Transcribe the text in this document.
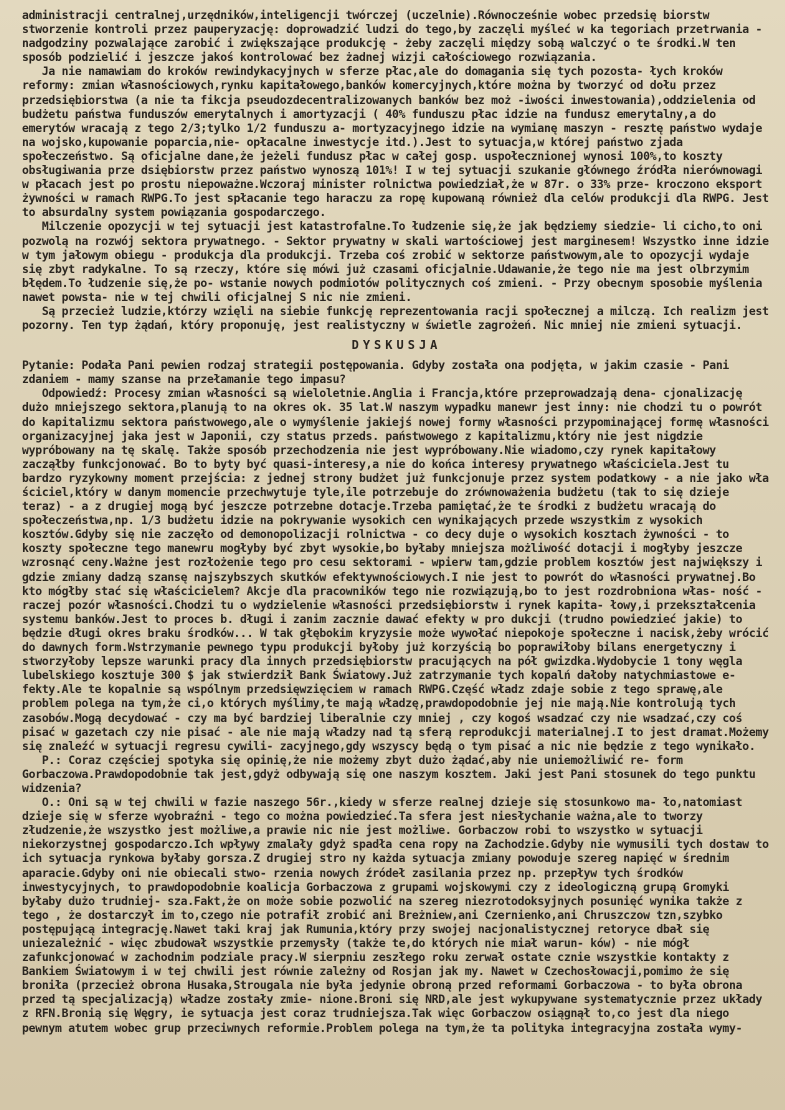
administracji centralnej,urzędników,inteligencji twórczej (uczelnie).Równocześnie wobec przedsię biorstw stworzenie kontroli przez pauperyzację: doprowadzić ludzi do tego,by zaczęli myśleć w ka tegoriach przetrwania - nadgodziny pozwalające zarobić i zwiększające produkcję - żeby zaczęli między sobą walczyć o te środki.W ten sposób podzielić i jeszcze jakoś kontrolować bez żadnej wizji całościowego rozwiązania.

Ja nie namawiam do kroków rewindykacyjnych w sferze płac,ale do domagania się tych pozosta- łych kroków reformy: zmian własnościowych,rynku kapitałowego,banków komercyjnych,które można by tworzyć od dołu przez przedsiębiorstwa (a nie ta fikcja pseudozdecentralizowanych banków bez moż -iwości inwestowania),oddzielenia od budżetu państwa funduszów emerytalnych i amortyzacji ( 40% funduszu płac idzie na fundusz emerytalny,a do emerytów wracają z tego 2/3;tylko 1/2 funduszu a- mortyzacyjnego idzie na wymianę maszyn - resztę państwo wydaje na wojsko,kupowanie poparcia,nie- opłacalne inwestycje itd.).Jest to sytuacja,w której państwo zjada społeczeństwo. Są oficjalne dane,że jeżeli fundusz płac w całej gosp. uspołecznionej wynosi 100%,to koszty obsługiwania prze dsiębiorstw przez państwo wynoszą 101%! I w tej sytuacji szukanie głównego źródła nierównowagi w płacach jest po prostu niepoważne.Wczoraj minister rolnictwa powiedział,że w 87r. o 33% prze- kroczono eksport żywności w ramach RWPG.To jest spłacanie tego haraczu za ropę kupowaną również dla celów produkcji dla RWPG. Jest to absurdalny system powiązania gospodarczego.

Milczenie opozycji w tej sytuacji jest katastrofalne.To łudzenie się,że jak będziemy siedzie- li cicho,to oni pozwolą na rozwój sektora prywatnego. - Sektor prywatny w skali wartościowej jest marginesem! Wszystko inne idzie w tym jałowym obiegu - produkcja dla produkcji. Trzeba coś zrobić w sektorze państwowym,ale to opozycji wydaje się zbyt radykalne. To są rzeczy, które się mówi już czasami oficjalnie.Udawanie,że tego nie ma jest olbrzymim błędem.To łudzenie się,że po- wstanie nowych podmiotów politycznych coś zmieni. - Przy obecnym sposobie myślenia nawet powsta- nie w tej chwili oficjalnej S nic nie zmieni.

Są przecież ludzie,którzy wzięli na siebie funkcję reprezentowania racji społecznej a milczą. Ich realizm jest pozorny. Ten typ żądań, który proponuję, jest realistyczny w świetle zagrożeń. Nic mniej nie zmieni sytuacji.

DYSKUSJA

Pytanie: Podała Pani pewien rodzaj strategii postępowania. Gdyby została ona podjęta, w jakim czasie - Pani zdaniem - mamy szanse na przełamanie tego impasu?

Odpowiedź: Procesy zmian własności są wieloletnie.Anglia i Francja,które przeprowadzają dena- cjonalizację dużo mniejszego sektora,planują to na okres ok. 35 lat.W naszym wypadku manewr jest inny: nie chodzi tu o powrót do kapitalizmu sektora państwowego,ale o wymyślenie jakiejś nowej formy własności przypominającej formę własności organizacyjnej jaka jest w Japonii, czy status przeds. państwowego z kapitalizmu,który nie jest nigdzie wypróbowany na tę skalę. Także sposób przechodzenia nie jest wypróbowany.Nie wiadomo,czy rynek kapitałowy zacząłby funkcjonować. Bo to byty być quasi-interesy,a nie do końca interesy prywatnego właściciela.Jest tu bardzo ryzykowny moment przejścia: z jednej strony budżet już funkcjonuje przez system podatkowy - a nie jako wła ściciel,który w danym momencie przechwytuje tyle,ile potrzebuje do zrównoważenia budżetu (tak to się dzieje teraz) - a z drugiej mogą być jeszcze potrzebne dotacje.Trzeba pamiętać,że te środki z budżetu wracają do społeczeństwa,np. 1/3 budżetu idzie na pokrywanie wysokich cen wynikających przede wszystkim z wysokich kosztów.Gdyby się nie zaczęło od demonopolizacji rolnictwa - co decy duje o wysokich kosztach żywności - to koszty społeczne tego manewru mogłyby być zbyt wysokie,bo byłaby mniejsza możliwość dotacji i mogłyby jeszcze wzrosnąć ceny.Ważne jest rozłożenie tego pro cesu sektorami - wpierw tam,gdzie problem kosztów jest największy i gdzie zmiany dadzą szansę najszybszych skutków efektywnościowych.I nie jest to powrót do własności prywatnej.Bo kto mógłby stać się właścicielem? Akcje dla pracowników tego nie rozwiązują,bo to jest rozdrobniona włas- ność - raczej pozór własności.Chodzi tu o wydzielenie własności przedsiębiorstw i rynek kapita- łowy,i przekształcenia systemu banków.Jest to proces b. długi i zanim zacznie dawać efekty w pro dukcji (trudno powiedzieć jakie) to będzie długi okres braku środków... W tak głębokim kryzysie może wywołać niepokoje społeczne i nacisk,żeby wrócić do dawnych form.Wstrzymanie pewnego typu produkcji byłoby już korzyścią bo poprawiłoby bilans energetyczny i stworzyłoby lepsze warunki pracy dla innych przedsiębiorstw pracujących na pół gwizdka.Wydobycie 1 tony węgla lubelskiego kosztuje 300 $ jak stwierdził Bank Światowy.Już zatrzymanie tych kopalń dałoby natychmiastowe e- fekty.Ale te kopalnie są wspólnym przedsięwzięciem w ramach RWPG.Część władz zdaje sobie z tego sprawę,ale problem polega na tym,że ci,o których myślimy,te mają władzę,prawdopodobnie jej nie mają.Nie kontrolują tych zasobów.Mogą decydować - czy ma być bardziej liberalnie czy mniej , czy kogoś wsadzać czy nie wsadzać,czy coś pisać w gazetach czy nie pisać - ale nie mają władzy nad tą sferą reprodukcji materialnej.I to jest dramat.Możemy się znaleźć w sytuacji regresu cywili- zacyjnego,gdy wszyscy będą o tym pisać a nic nie będzie z tego wynikało.

P.: Coraz częściej spotyka się opinię,że nie możemy zbyt dużo żądać,aby nie uniemożliwić re- form Gorbaczowa.Prawdopodobnie tak jest,gdyż odbywają się one naszym kosztem. Jaki jest Pani stosunek do tego punktu widzenia?

O.: Oni są w tej chwili w fazie naszego 56r.,kiedy w sferze realnej dzieje się stosunkowo ma- ło,natomiast dzieje się w sferze wyobraźni - tego co można powiedzieć.Ta sfera jest niesłychanie ważna,ale to tworzy złudzenie,że wszystko jest możliwe,a prawie nic nie jest możliwe. Gorbaczow robi to wszystko w sytuacji niekorzystnej gospodarczo.Ich wpływy zmalały gdyż spadła cena ropy na Zachodzie.Gdyby nie wymusili tych dostaw to ich sytuacja rynkowa byłaby gorsza.Z drugiej stro ny każda sytuacja zmiany powoduje szereg napięć w średnim aparacie.Gdyby oni nie obiecali stwo- rzenia nowych źródeł zasilania przez np. przepływ tych środków inwestycyjnych, to prawdopodobnie koalicja Gorbaczowa z grupami wojskowymi czy z ideologiczną grupą Gromyki byłaby dużo trudniej- sza.Fakt,że on może sobie pozwolić na szereg niezrotodoksyjnych posunięć wynika także z tego , że dostarczył im to,czego nie potrafił zrobić ani Breżniew,ani Czernienko,ani Chruszczow tzn,szybko postępującą integrację.Nawet taki kraj jak Rumunia,który przy swojej nacjonalistycznej retoryce dbał się uniezależnić - więc zbudował wszystkie przemysły (także te,do których nie miał warun- ków) - nie mógł zafunkcjonować w zachodnim podziale pracy.W sierpniu zeszłego roku zerwał ostate cznie wszystkie kontakty z Bankiem Światowym i w tej chwili jest równie zależny od Rosjan jak my. Nawet w Czechosłowacji,pomimo że się broniła (przecież obrona Husaka,Strougala nie była jedynie obroną przed reformami Gorbaczowa - to była obrona przed tą specjalizacją) władze zostały zmie- nione.Broni się NRD,ale jest wykupywane systematycznie przez układy z RFN.Bronią się Węgry, ie sytuacja jest coraz trudniejsza.Tak więc Gorbaczow osiągnął to,co jest dla niego pewnym atutem wobec grup przeciwnych reformie.Problem polega na tym,że ta polityka integracyjna została wymy-
